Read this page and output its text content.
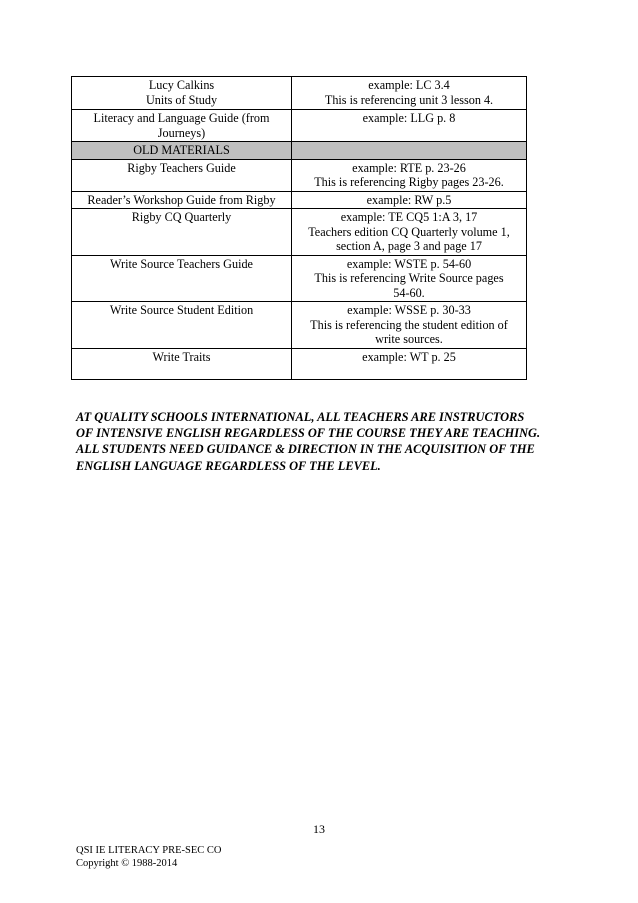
Lucy Calkins
Units of Study	example: LC 3.4
This is referencing unit 3 lesson 4.
Literacy and Language Guide (from
Journeys)	example: LLG p. 8
OLD MATERIALS	
Rigby Teachers Guide	example: RTE p. 23-26
This is referencing Rigby pages 23-26.
Reader’s Workshop Guide from Rigby	example: RW p.5
Rigby CQ Quarterly	example: TE CQ5 1:A 3, 17
Teachers edition CQ Quarterly volume 1,
section A, page 3 and page 17
Write Source Teachers Guide	example: WSTE p. 54-60
This is referencing Write Source pages
54-60.
Write Source Student Edition	example: WSSE p. 30-33
This is referencing the student edition of
write sources.
Write Traits	example: WT p. 25
AT QUALITY SCHOOLS INTERNATIONAL, ALL TEACHERS ARE INSTRUCTORS
OF INTENSIVE ENGLISH REGARDLESS OF THE COURSE THEY ARE TEACHING.
ALL STUDENTS NEED GUIDANCE & DIRECTION IN THE ACQUISITION OF THE
ENGLISH LANGUAGE REGARDLESS OF THE LEVEL.
13
QSI IE LITERACY PRE-SEC CO
Copyright © 1988-2014
